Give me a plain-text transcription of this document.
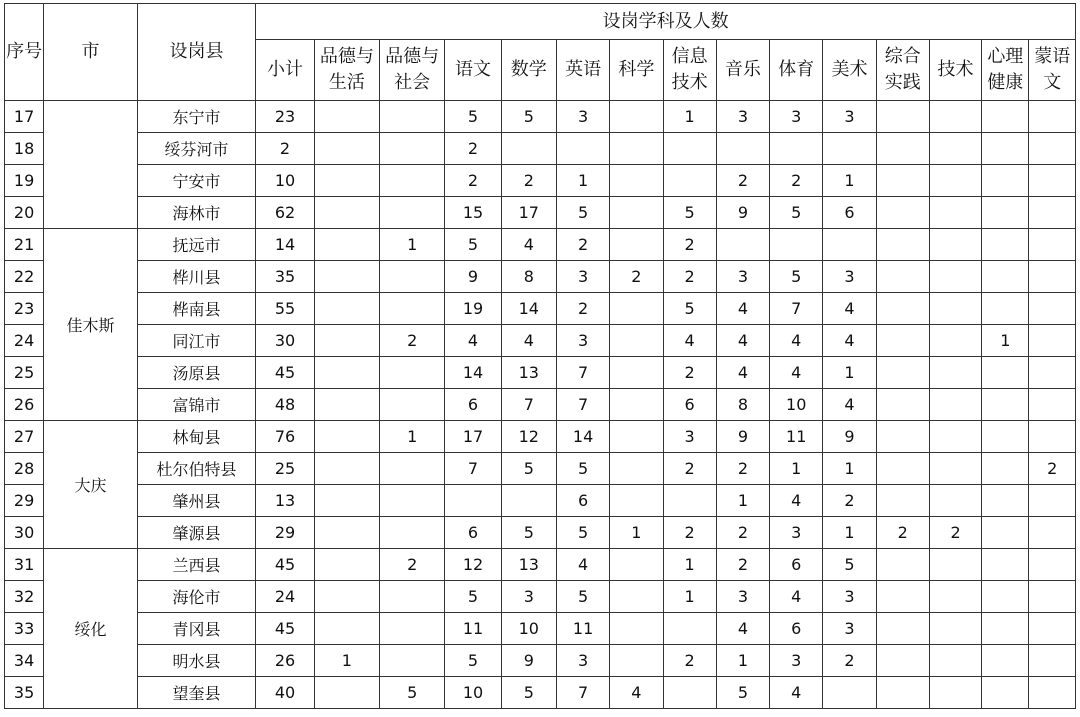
序号	市	设岗县	设岗学科及人数														
			小计	品德与生活	品德与社会	语文	数学	英语	科学	信息技术	音乐	体育	美术	综合实践	技术	心理健康	蒙语文
17		东宁市	23			5	5	3		1	3	3	3				
18		绥芬河市	2			2											
19		宁安市	10			2	2	1			2	2	1				
20		海林市	62			15	17	5		5	9	5	6				
21	佳木斯	抚远市	14		1	5	4	2		2							
22		桦川县	35			9	8	3	2	2	3	5	3				
23		桦南县	55			19	14	2		5	4	7	4				
24		同江市	30		2	4	4	3		4	4	4	4			1	
25		汤原县	45			14	13	7		2	4	4	1				
26		富锦市	48			6	7	7		6	8	10	4				
27	大庆	林甸县	76		1	17	12	14		3	9	11	9				
28		杜尔伯特县	25			7	5	5		2	2	1	1				2
29		肇州县	13					6			1	4	2				
30		肇源县	29			6	5	5	1	2	2	3	1	2	2		
31	绥化	兰西县	45		2	12	13	4		1	2	6	5				
32		海伦市	24			5	3	5		1	3	4	3				
33		青冈县	45			11	10	11			4	6	3				
34		明水县	26	1		5	9	3		2	1	3	2				
35		望奎县	40		5	10	5	7	4		5	4					
